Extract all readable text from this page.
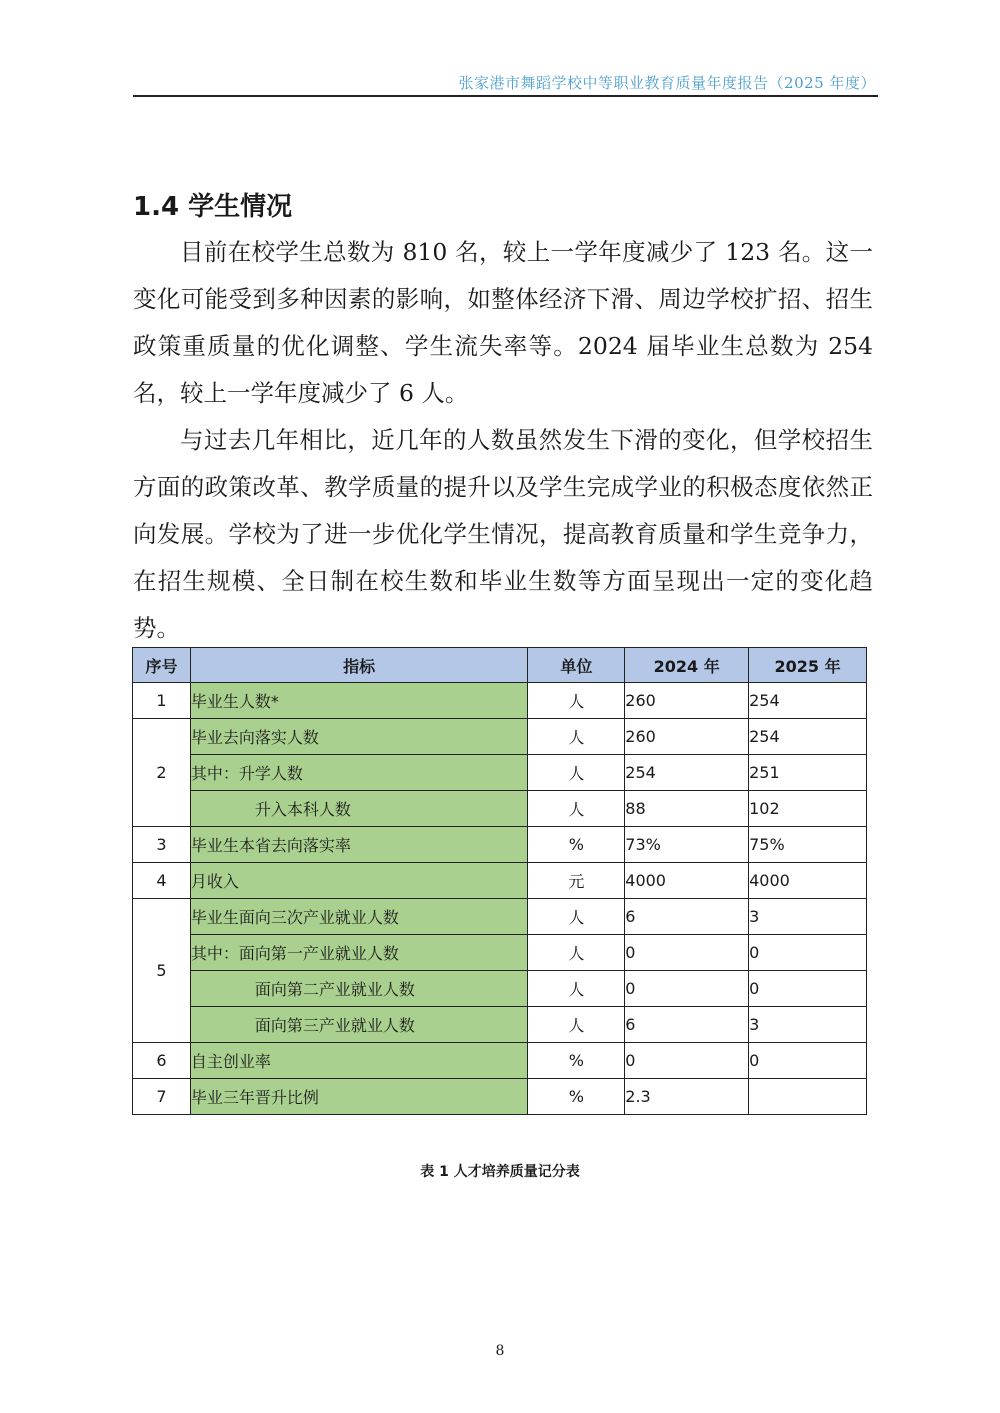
张家港市舞蹈学校中等职业教育质量年度报告（2025 年度）
1.4 学生情况

目前在校学生总数为 810 名，较上一学年度减少了 123 名。这一变化可能受到多种因素的影响，如整体经济下滑、周边学校扩招、招生政策重质量的优化调整、学生流失率等。2024 届毕业生总数为 254 名，较上一学年度减少了 6 人。

与过去几年相比，近几年的人数虽然发生下滑的变化，但学校招生方面的政策改革、教学质量的提升以及学生完成学业的积极态度依然正向发展。学校为了进一步优化学生情况，提高教育质量和学生竞争力，在招生规模、全日制在校生数和毕业生数等方面呈现出一定的变化趋势。

序号	指标	单位	2024 年	2025 年
1	毕业生人数*	人	260	254
2	毕业去向落实人数	人	260	254
	其中：升学人数	人	254	251
	升入本科人数	人	88	102
3	毕业生本省去向落实率	%	73%	75%
4	月收入	元	4000	4000
5	毕业生面向三次产业就业人数	人	6	3
	其中：面向第一产业就业人数	人	0	0
	面向第二产业就业人数	人	0	0
	面向第三产业就业人数	人	6	3
6	自主创业率	%	0	0
7	毕业三年晋升比例	%	2.3	
表 1 人才培养质量记分表
8
